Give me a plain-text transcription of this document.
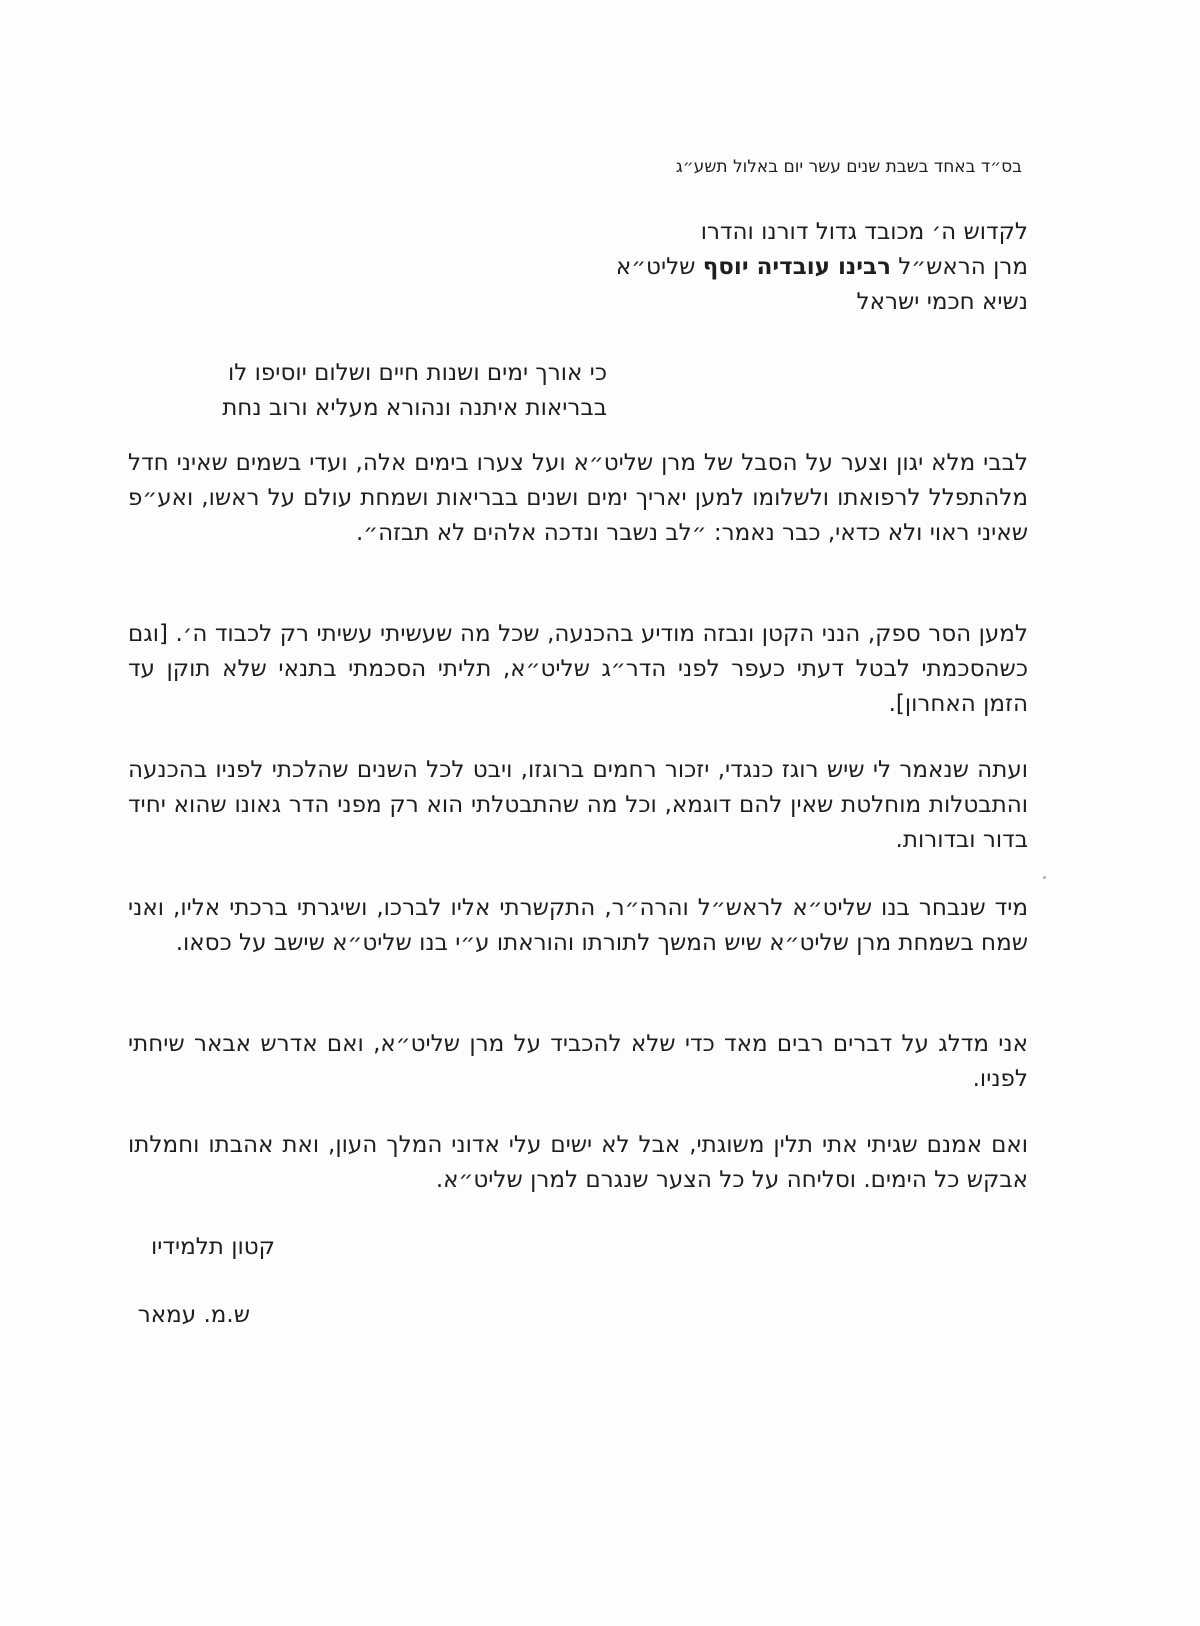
בס״ד באחד בשבת שנים עשר יום באלול תשע״ג
לקדוש ה׳ מכובד גדול דורנו והדרו
מרן הראש״ל רבינו עובדיה יוסף שליט״א
נשיא חכמי ישראל
כי אורך ימים ושנות חיים ושלום יוסיפו לו
בבריאות איתנה ונהורא מעליא ורוב נחת
לבבי מלא יגון וצער על הסבל של מרן שליט״א ועל צערו בימים אלה, ועדי בשמים שאיני חדל מלהתפלל לרפואתו ולשלומו למען יאריך ימים ושנים בבריאות ושמחת עולם על ראשו, ואע״פ שאיני ראוי ולא כדאי, כבר נאמר: ״לב נשבר ונדכה אלהים לא תבזה״.
למען הסר ספק, הנני הקטן ונבזה מודיע בהכנעה, שכל מה שעשיתי עשיתי רק לכבוד ה׳. [וגם כשהסכמתי לבטל דעתי כעפר לפני הדר״ג שליט״א, תליתי הסכמתי בתנאי שלא תוקן עד הזמן האחרון].
ועתה שנאמר לי שיש רוגז כנגדי, יזכור רחמים ברוגזו, ויבט לכל השנים שהלכתי לפניו בהכנעה והתבטלות מוחלטת שאין להם דוגמא, וכל מה שהתבטלתי הוא רק מפני הדר גאונו שהוא יחיד בדור ובדורות.
מיד שנבחר בנו שליט״א לראש״ל והרה״ר, התקשרתי אליו לברכו, ושיגרתי ברכתי אליו, ואני שמח בשמחת מרן שליט״א שיש המשך לתורתו והוראתו ע״י בנו שליט״א שישב על כסאו.
אני מדלג על דברים רבים מאד כדי שלא להכביד על מרן שליט״א, ואם אדרש אבאר שיחתי לפניו.
ואם אמנם שגיתי אתי תלין משוגתי, אבל לא ישים עלי אדוני המלך העון, ואת אהבתו וחמלתו אבקש כל הימים. וסליחה על כל הצער שנגרם למרן שליט״א.
קטון תלמידיו
ש.מ. עמאר
